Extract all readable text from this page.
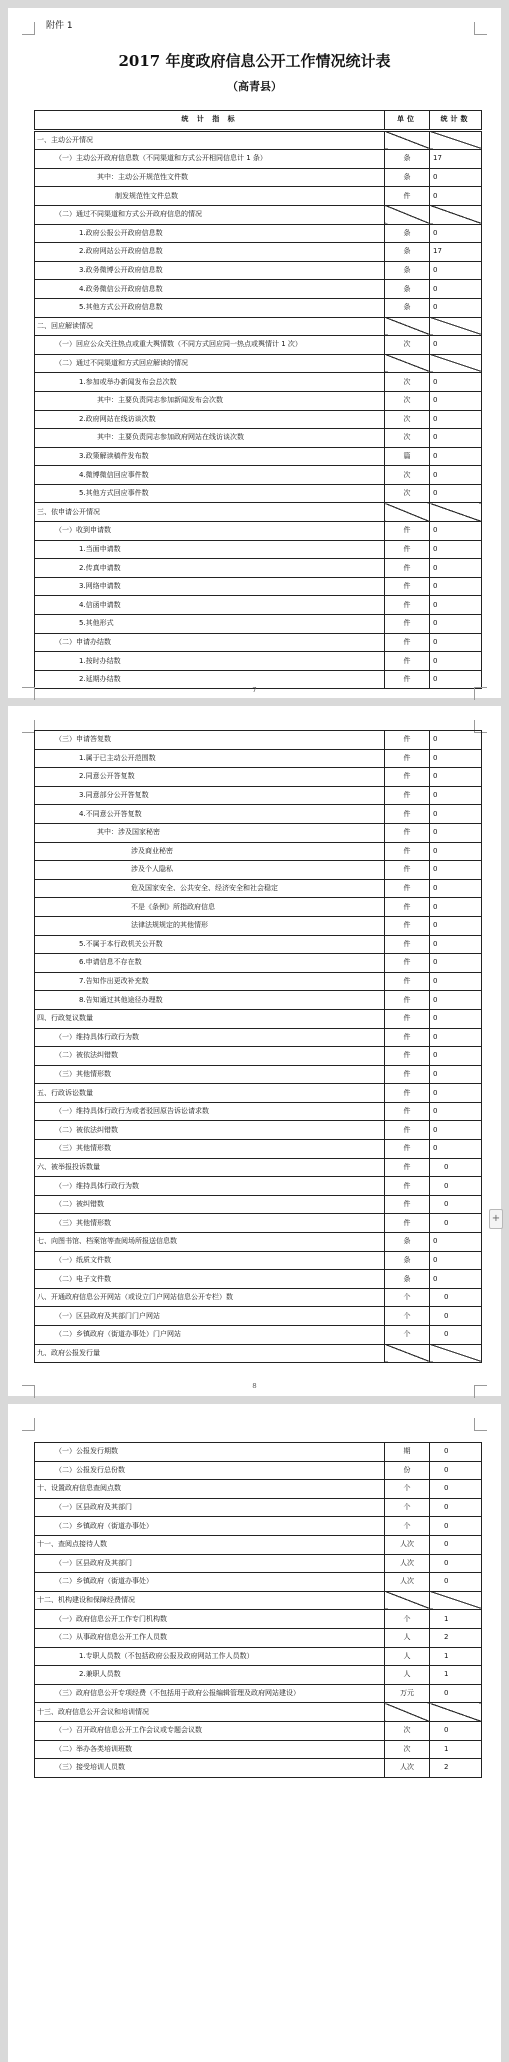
附件 1
2017 年度政府信息公开工作情况统计表
（高青县）
统 计 指 标	单位	统计数
一、主动公开情况		
（一）主动公开政府信息数（不同渠道和方式公开相同信息计 1 条）	条	17
其中：主动公开规范性文件数	条	0
制发规范性文件总数	件	0
（二）通过不同渠道和方式公开政府信息的情况		
1.政府公报公开政府信息数	条	0
2.政府网站公开政府信息数	条	17
3.政务微博公开政府信息数	条	0
4.政务微信公开政府信息数	条	0
5.其他方式公开政府信息数	条	0
二、回应解读情况		
（一）回应公众关注热点或重大舆情数（不同方式回应同一热点或舆情计 1 次）	次	0
（二）通过不同渠道和方式回应解读的情况		
1.参加或举办新闻发布会总次数	次	0
其中：主要负责同志参加新闻发布会次数	次	0
2.政府网站在线访谈次数	次	0
其中：主要负责同志参加政府网站在线访谈次数	次	0
3.政策解读稿件发布数	篇	0
4.微博微信回应事件数	次	0
5.其他方式回应事件数	次	0
三、依申请公开情况		
（一）收到申请数	件	0
1.当面申请数	件	0
2.传真申请数	件	0
3.网络申请数	件	0
4.信函申请数	件	0
5.其他形式	件	0
（二）申请办结数	件	0
1.按时办结数	件	0
2.延期办结数	件	0
7
（三）申请答复数	件	0
1.属于已主动公开范围数	件	0
2.同意公开答复数	件	0
3.同意部分公开答复数	件	0
4.不同意公开答复数	件	0
其中：涉及国家秘密	件	0
涉及商业秘密	件	0
涉及个人隐私	件	0
危及国家安全、公共安全、经济安全和社会稳定	件	0
不是《条例》所指政府信息	件	0
法律法规规定的其他情形	件	0
5.不属于本行政机关公开数	件	0
6.申请信息不存在数	件	0
7.告知作出更改补充数	件	0
8.告知通过其他途径办理数	件	0
四、行政复议数量	件	0
（一）维持具体行政行为数	件	0
（二）被依法纠错数	件	0
（三）其他情形数	件	0
五、行政诉讼数量	件	0
（一）维持具体行政行为或者驳回原告诉讼请求数	件	0
（二）被依法纠错数	件	0
（三）其他情形数	件	0
六、被举报投诉数量	件	0
（一）维持具体行政行为数	件	0
（二）被纠错数	件	0
（三）其他情形数	件	0
七、向图书馆、档案馆等查阅场所报送信息数	条	0
（一）纸质文件数	条	0
（二）电子文件数	条	0
八、开通政府信息公开网站（或设立门户网站信息公开专栏）数	个	0
（一）区县政府及其部门门户网站	个	0
（二）乡镇政府（街道办事处）门户网站	个	0
九、政府公报发行量		
+
8
（一）公报发行期数	期	0
（二）公报发行总份数	份	0
十、设置政府信息查阅点数	个	0
（一）区县政府及其部门	个	0
（二）乡镇政府（街道办事处）	个	0
十一、查阅点接待人数	人次	0
（一）区县政府及其部门	人次	0
（二）乡镇政府（街道办事处）	人次	0
十二、机构建设和保障经费情况		
（一）政府信息公开工作专门机构数	个	1
（二）从事政府信息公开工作人员数	人	2
1.专职人员数（不包括政府公报及政府网站工作人员数）	人	1
2.兼职人员数	人	1
（三）政府信息公开专项经费（不包括用于政府公报编辑管理及政府网站建设）	万元	0
十三、政府信息公开会议和培训情况		
（一）召开政府信息公开工作会议或专题会议数	次	0
（二）举办各类培训班数	次	1
（三）接受培训人员数	人次	2
